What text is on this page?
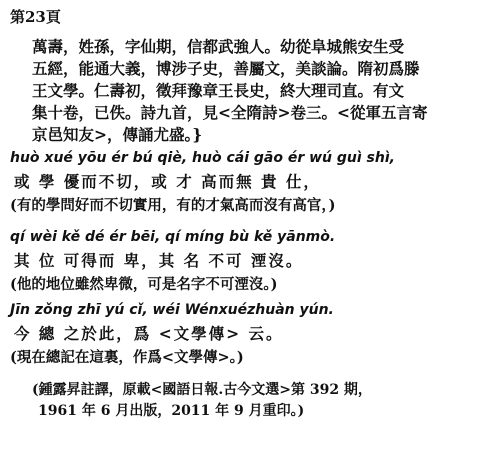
第23頁
萬壽，姓孫，字仙期，信都武強人。幼從阜城熊安生受
五經，能通大義，博涉子史，善屬文，美談論。隋初爲滕
王文學。仁壽初，徵拜豫章王長史，終大理司直。有文
集十卷，已佚。詩九首，見<全隋詩>卷三。<從軍五言寄
京邑知友>，傳誦尤盛。}
huò xué yōu ér bú qiè, huò cái gāo ér wú guì shì,
或 學 優而不切，或 才 高而無 貴 仕，
(有的學問好而不切實用，有的才氣高而沒有高官，)
qí wèi kě dé ér bēi, qí míng bù kě yānmò.
其 位 可得而 卑，其 名 不可 湮沒。
(他的地位雖然卑微，可是名字不可湮沒。)
Jīn zǒng zhī yú cǐ, wéi Wénxuézhuàn yún.
今 總 之於此，爲 <文學傳> 云。
(現在總記在這裏，作爲<文學傳>。)
(鍾露昇註譯，原載<國語日報.古今文選>第 392 期，
1961 年 6 月出版，2011 年 9 月重印。)
